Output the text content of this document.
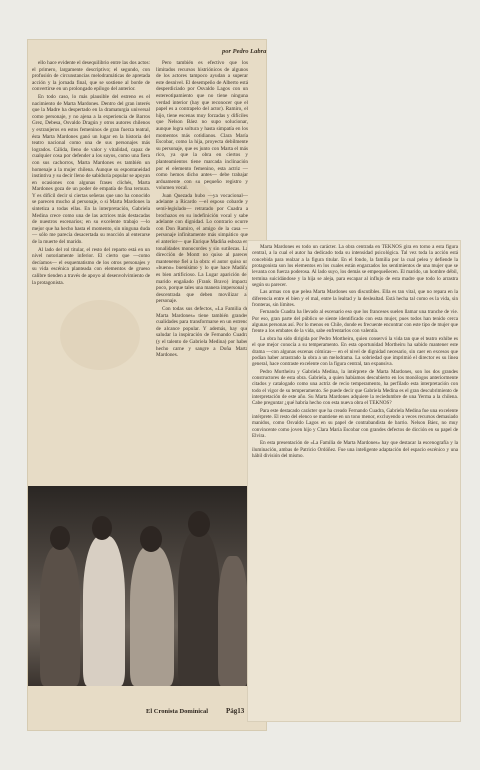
por Pedro Labra

ello hace evidente el desequilibrio entre las dos actos: el primero, largamente descriptivo; el segundo, con profusión de circunstancias melodramáticas de apretada acción y la jornada final, que se sostiene al borde de convertirse en un prolongado epílogo del anterior.

En todo caso, lo más plausible del estreno es el nacimiento de Marta Mardones. Dentro del gran interés que la Madre ha despertado en la dramaturgia universal como personaje, y no ajena a la experiencia de Barros Grez, Debesa, Osvaldo Dragún y otros autores chilenos y extranjeros en estos femeninos de gran fuerza teatral, ésta Marta Mardones ganó un lugar en la historia del teatro nacional como una de sus personajes más logrados. Cálida, lleno de valor y vitalidad, capaz de cualquier cosa por defender a los suyos, como una fiera con sus cachorros, Marta Mardones es también un homenaje a la mujer chilena. Aunque su espontaneidad instintiva y su decir lleno de sabiduría popular se apoyan en ocasiones con algunas frases clichés, Marta Mardones goza de un poder de empatía de fina ternura. Y es difícil decir si ciertas señeras que uno ha conocido se parecen mucho al personaje, o si Marta Mardones la sintetiza a todas ellas. En la interpretación, Gabriela Medina crece como una de las actrices más destacadas de nuestros escenarios; en su excelente trabajo —lo mejor que ha hecho hasta el momento, sin ninguna duda— sólo me parecía desacertada su reacción al enterarse de la muerte del marido.

Al lado del rol titular, el resto del reparto está en un nivel notoriamente inferior. El cierto que —como decíamos— el esquematismo de los otros personajes y su vida escénica planteada con elementos de grueso calibre tienden a través de apoyo al desenvolvimiento de la protagonista.

Pero también es efectivo que los limitados recursos histriónicos de algunos de los actores tampoco ayudan a superar este desnivel. El desempeño de Alberto está desperdiciado por Osvaldo Lagos con un estereotipamiento que no tiene ninguna verdad interior (hay que reconocer que el papel es a contrapelo del actor). Ramiro, el hijo, tiene escenas muy forzadas y difíciles que Nelson Báez no supo solucionar, aunque logra soltura y hasta simpatía en los momentos más cotidianos. Clara María Escobar, como la hija, proyecta debilmente su personaje, que es junto con Marta el más rico, ya que la obra en ciertos y planteamientos tiene marcada inclinación por el elemento femenino, esta actriz —como hemos dicho antes— debe trabajar arduamente con su pequeño registro y volumen vocal.

Juan Quezada hubo —ya vocacional— adelante a Ricardo —el esposo cobarde y semi-legislado— retratado por Cuadra a brochazos en su indefinición vocal y sabe adelante con dignidad. Lo contrario ocurre con Don Ramiro, el amigo de la casa —personaje infinitamente más simpático que el anterior— que Enrique Madiña esboza en tonalidades monocordes y sin sutilezas. La dirección de Montt no quiso al parecer mantenerse fiel a la obra: el autor quiso un «bueno» buenísimo y lo que hace Madiña es bien artificioso. La Lugar aparición del marido engañado (Frank Bravo) impacta poco, porque tales una manera impersonal y descentrada que deben movilizar al personaje.

Con todas sus defectos, «La Familia de Marta Mardones» tiene también grandes cualidades para transformarse en un estreno de alcance popular. Y además, hay que saludar la inspiración de Fernando Cuadra (y el talento de Gabriela Medina) por haber hecho carne y sangre a Doña Marta Mardones.

El Cronista Dominical	Pág13

Marta Mardones es todo un carácter. La obra centrada en TEKNOS gira en torno a esta figura central, a la cual el autor ha dedicado toda su intensidad psicológica. Tal vez toda la acción está concebida para realzar a la figura titular. En el fondo, la familia por la cual pelea y defiende la protagonista son los elementos en los cuales están engarzados los sentimientos de una mujer que se levanta con fuerza poderosa. Al lado suyo, los demás se empequeñecen. El marido, un hombre débil, termina suicidándose y la hija se aleja, para escapar al influjo de esta madre que todo lo arrastra según su parecer.

Las armas con que pelea Marta Mardones son discutibles. Ella es tan vital, que no repara en la diferencia entre el bien y el mal, entre la lealtad y la deslealtad. Está hecha tal como es la vida, sin fronteras, sin límites.

Fernando Cuadra ha llevado al escenario eso que los franceses suelen llamar una tranche de vie. Por eso, gran parte del público se siente identificado con esta mujer, pues todos han tenido cerca algunas personas así. Por lo menos en Chile, donde es frecuente encontrar con este tipo de mujer que frente a los embates de la vida, sabe enfrentarlos con valentía.

La obra ha sido dirigida por Pedro Mortheiru, quien conservó la vida tan que el teatro exhibe es el que mejor conocía a su temperamento. En esta oportunidad Mortheiru ha sabido mantener este drama —con algunas escenas cómicas— en el nivel de dignidad necesario, sin caer en excesos que podían haber arrastrado la obra a un melodrama. La sobriedad que imprimió el director es su línea general, hace contraste excelente con la figura central, tan expansiva.

Pedro Mortheiru y Gabriela Medina, la intérprete de Marta Mardones, son los dos grandes constructores de esta obra. Gabriela, a quien habíamos descubierto en los monólogos anteriormente citados y catalogado como una actriz de recio temperamento, ha perfilado esta interpretación con todo el vigor de su temperamento. Se puede decir que Gabriela Medina es el gran descubrimiento de interpretación de este año. Su Marta Mardones adquiere la reciedumbre de una Yerma a la chilena. Cabe preguntar ¿qué habría hecho con esta nueva obra el TEKNOS?

Para este destacado carácter que ha creado Fernando Cuadra, Gabriela Medina fue una excelente intérprete. El resto del elenco se mantiene en un tono menor, excluyendo a veces recursos demasiado manidos, como Osvaldo Lagos en su papel de contrabandista de barrio. Nelson Báez, no muy convincente como joven hijo y Clara María Escobar con grandes defectos de dicción en su papel de Elvira.

En esta presentación de «La Familia de Marta Mardones» hay que destacar la escenografía y la iluminación, ambas de Patricio Ordóñez. Fue una inteligente adaptación del espacio escénico y una hábil división del mismo.
